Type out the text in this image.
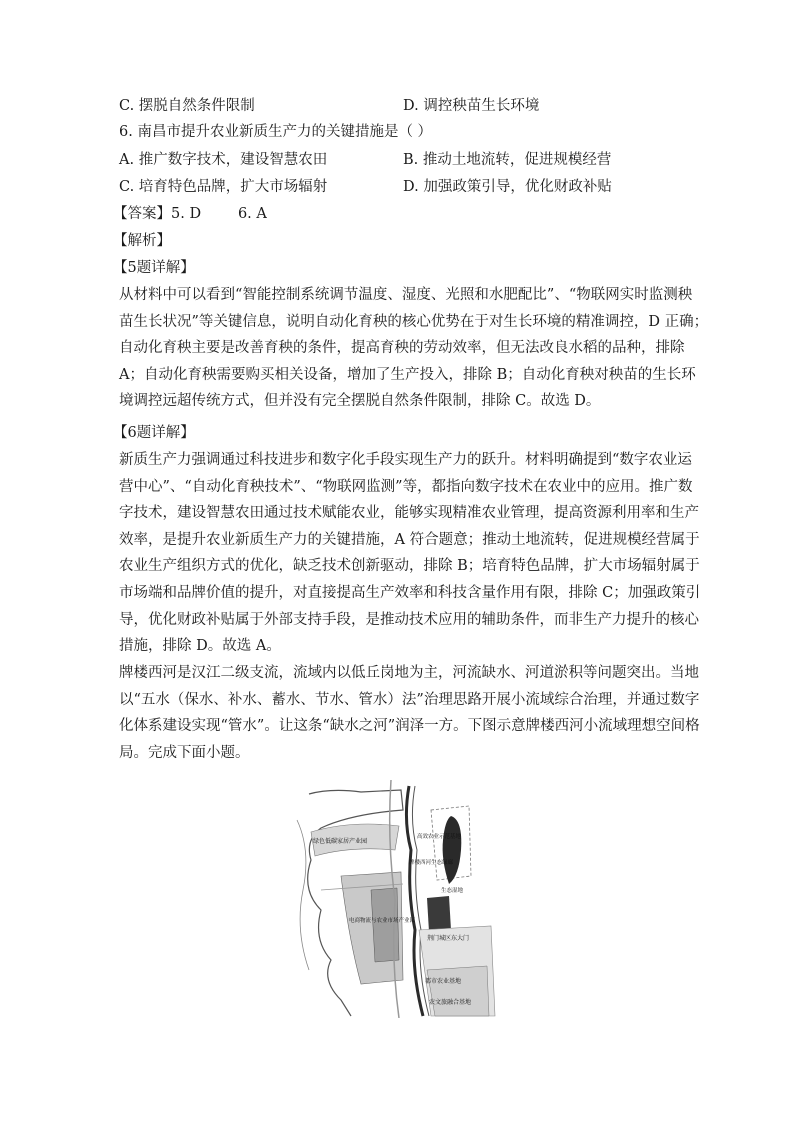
C. 摆脱自然条件限制	D. 调控秧苗生长环境
6. 南昌市提升农业新质生产力的关键措施是（ ）
A. 推广数字技术，建设智慧农田	B. 推动土地流转，促进规模经营
C. 培育特色品牌，扩大市场辐射	D. 加强政策引导，优化财政补贴
【答案】5. D        6. A
【解析】
【5题详解】
从材料中可以看到“智能控制系统调节温度、湿度、光照和水肥配比”、“物联网实时监测秧
苗生长状况”等关键信息，说明自动化育秧的核心优势在于对生长环境的精准调控，D 正确；
自动化育秧主要是改善育秧的条件，提高育秧的劳动效率，但无法改良水稻的品种，排除
A；自动化育秧需要购买相关设备，增加了生产投入，排除 B；自动化育秧对秧苗的生长环
境调控远超传统方式，但并没有完全摆脱自然条件限制，排除 C。故选 D。
【6题详解】
新质生产力强调通过科技进步和数字化手段实现生产力的跃升。材料明确提到“数字农业运
营中心”、“自动化育秧技术”、“物联网监测”等，都指向数字技术在农业中的应用。推广数
字技术，建设智慧农田通过技术赋能农业，能够实现精准农业管理，提高资源利用率和生产
效率，是提升农业新质生产力的关键措施，A 符合题意；推动土地流转，促进规模经营属于
农业生产组织方式的优化，缺乏技术创新驱动，排除 B；培育特色品牌，扩大市场辐射属于
市场端和品牌价值的提升，对直接提高生产效率和科技含量作用有限，排除 C；加强政策引
导，优化财政补贴属于外部支持手段，是推动技术应用的辅助条件，而非生产力提升的核心
措施，排除 D。故选 A。
牌楼西河是汉江二级支流，流域内以低丘岗地为主，河流缺水、河道淤积等问题突出。当地
以“五水（保水、补水、蓄水、节水、管水）法”治理思路开展小流域综合治理，并通过数字
化体系建设实现“管水”。让这条“缺水之河”润泽一方。下图示意牌楼西河小流域理想空间格
局。完成下面小题。
绿色低碳家居产业园
高效农业示范基地
生态湿地
牌楼西河生态绿廊
电商物流与农业市场产业园
荆门城区东大门
都市农业基地
农文旅融合基地
